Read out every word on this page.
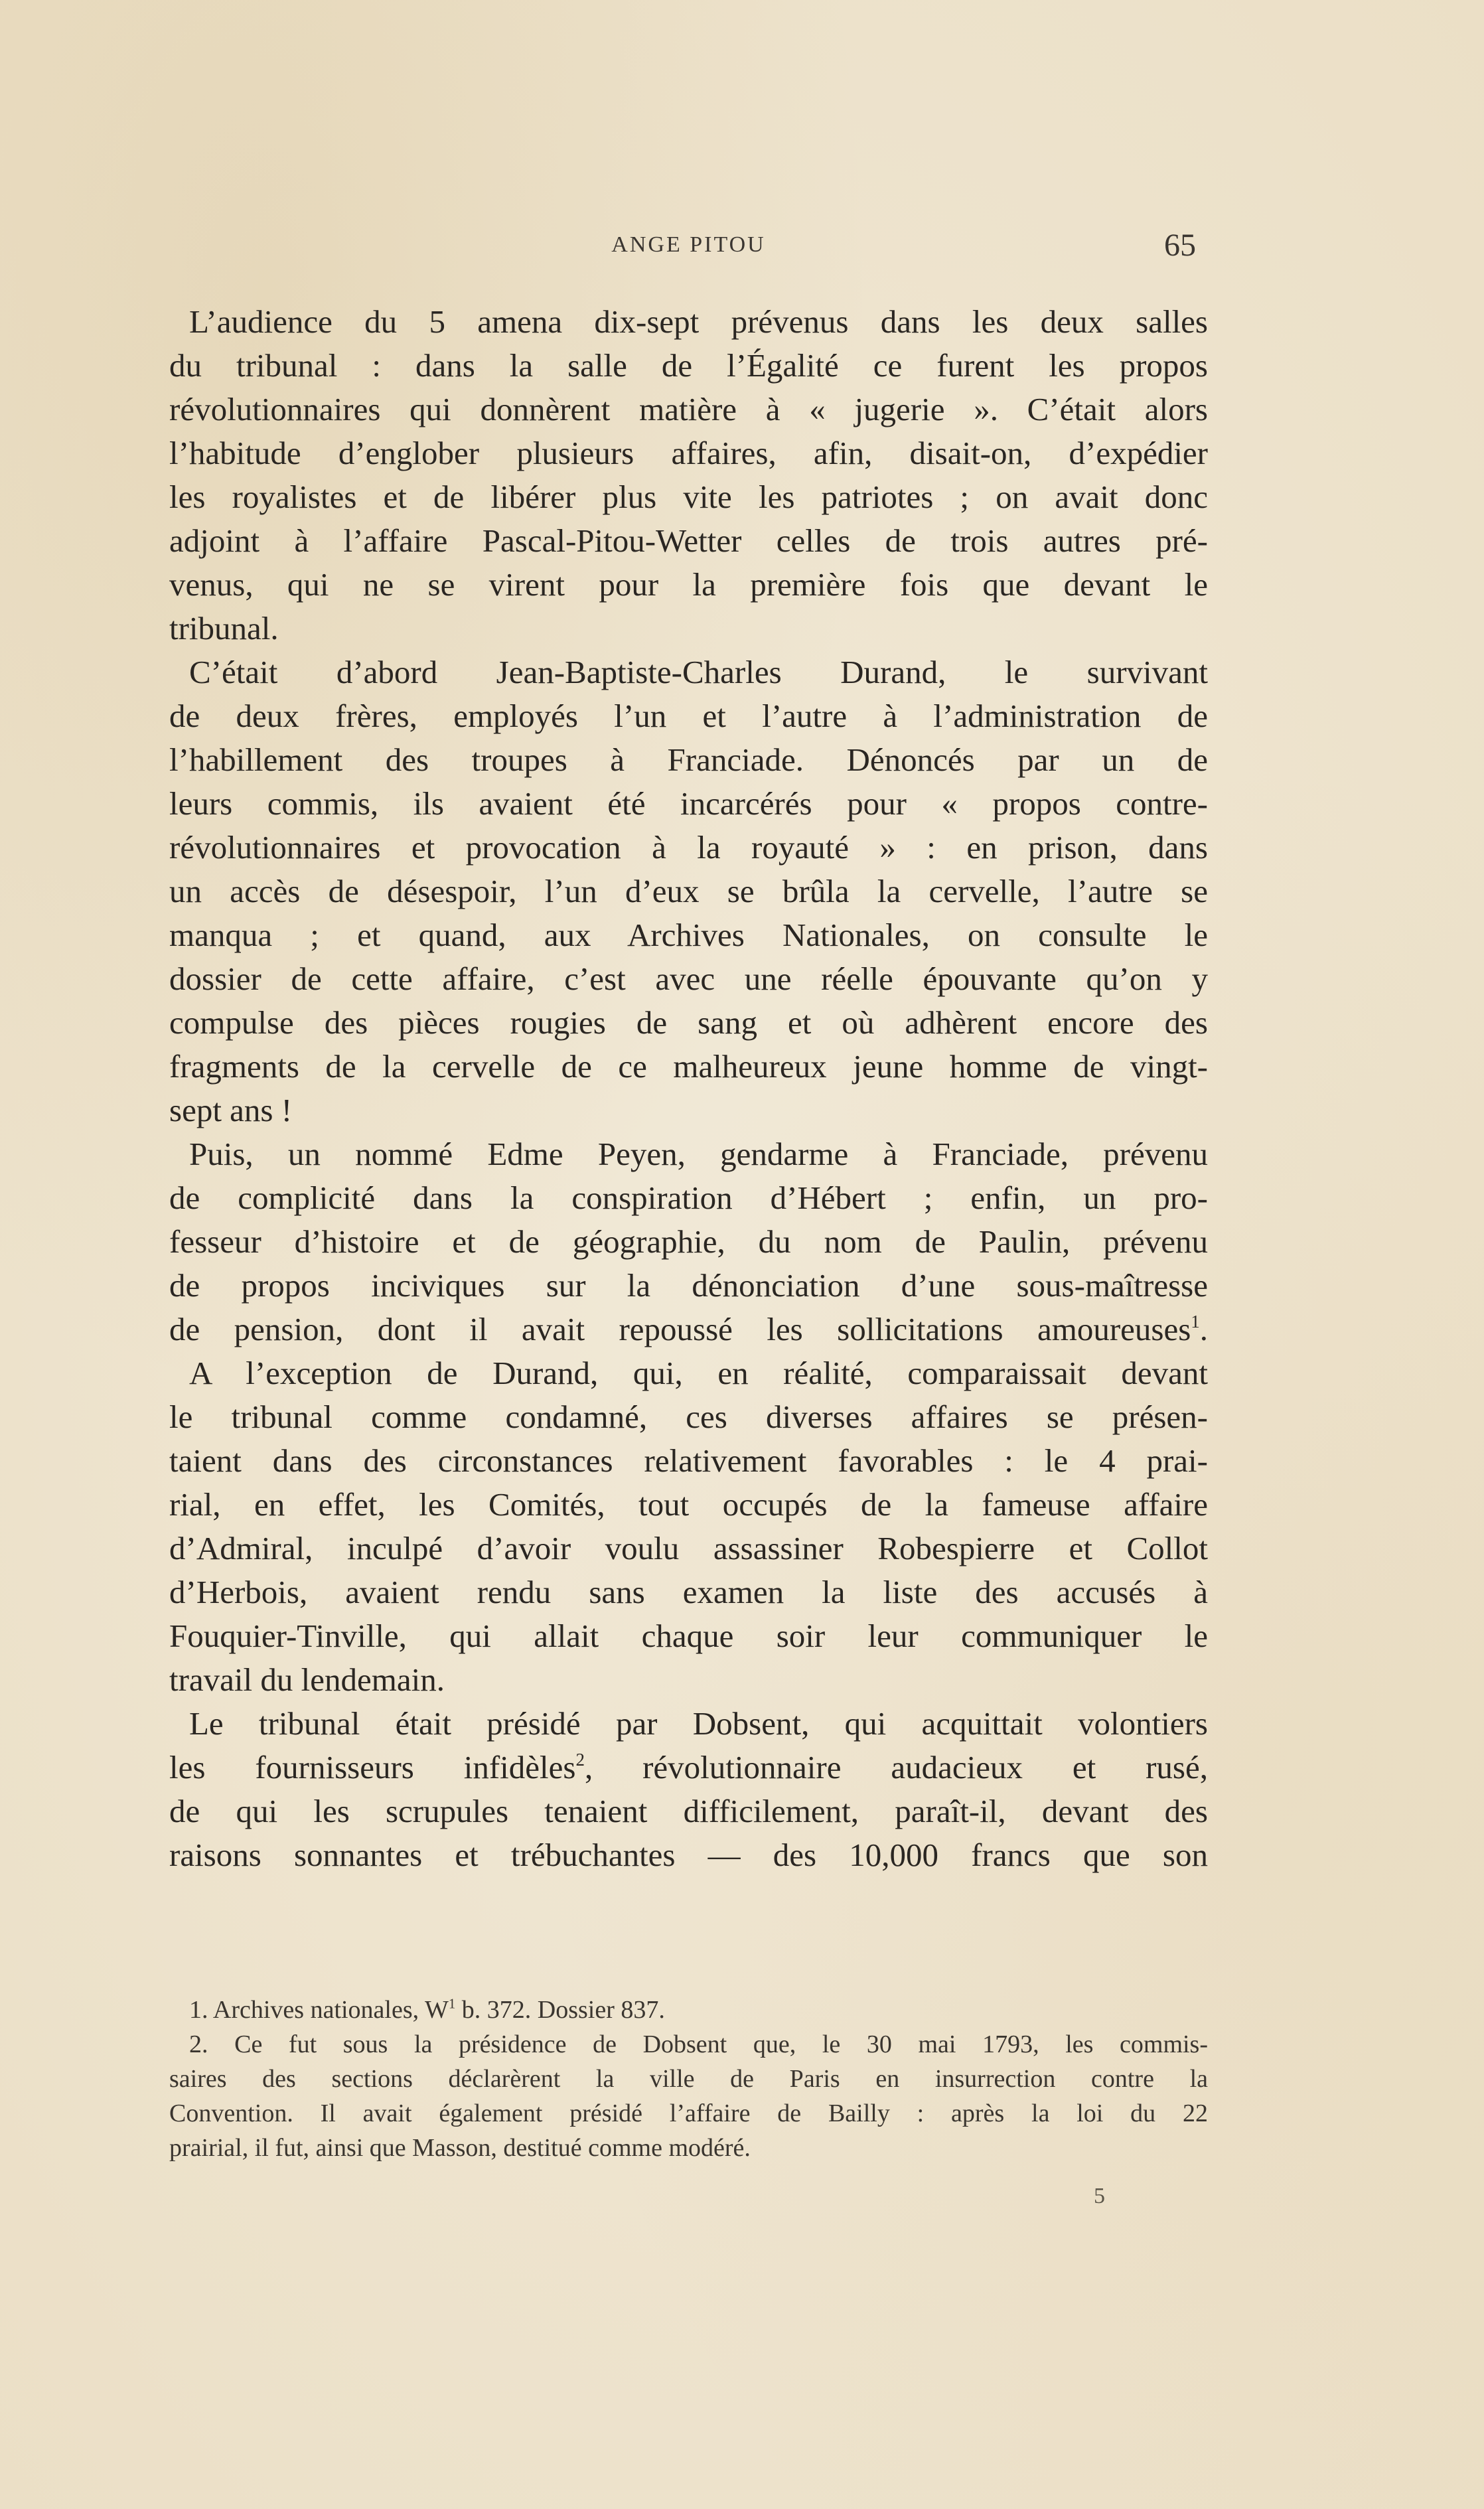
ANGE PITOU	65
L’audience du 5 amena dix-sept prévenus dans les deux salles
du tribunal : dans la salle de l’Égalité ce furent les propos
révolutionnaires qui donnèrent matière à « jugerie ». C’était alors
l’habitude d’englober plusieurs affaires, afin, disait-on, d’expédier
les royalistes et de libérer plus vite les patriotes ; on avait donc
adjoint à l’affaire Pascal-Pitou-Wetter celles de trois autres pré-
venus, qui ne se virent pour la première fois que devant le
tribunal.
C’était d’abord Jean-Baptiste-Charles Durand, le survivant
de deux frères, employés l’un et l’autre à l’administration de
l’habillement des troupes à Franciade. Dénoncés par un de
leurs commis, ils avaient été incarcérés pour « propos contre-
révolutionnaires et provocation à la royauté » : en prison, dans
un accès de désespoir, l’un d’eux se brûla la cervelle, l’autre se
manqua ; et quand, aux Archives Nationales, on consulte le
dossier de cette affaire, c’est avec une réelle épouvante qu’on y
compulse des pièces rougies de sang et où adhèrent encore des
fragments de la cervelle de ce malheureux jeune homme de vingt-
sept ans !
Puis, un nommé Edme Peyen, gendarme à Franciade, prévenu
de complicité dans la conspiration d’Hébert ; enfin, un pro-
fesseur d’histoire et de géographie, du nom de Paulin, prévenu
de propos inciviques sur la dénonciation d’une sous-maîtresse
de pension, dont il avait repoussé les sollicitations amoureuses$^1$.
A l’exception de Durand, qui, en réalité, comparaissait devant
le tribunal comme condamné, ces diverses affaires se présen-
taient dans des circonstances relativement favorables : le 4 prai-
rial, en effet, les Comités, tout occupés de la fameuse affaire
d’Admiral, inculpé d’avoir voulu assassiner Robespierre et Collot
d’Herbois, avaient rendu sans examen la liste des accusés à
Fouquier-Tinville, qui allait chaque soir leur communiquer le
travail du lendemain.
Le tribunal était présidé par Dobsent, qui acquittait volontiers
les fournisseurs infidèles$^2$, révolutionnaire audacieux et rusé,
de qui les scrupules tenaient difficilement, paraît-il, devant des
raisons sonnantes et trébuchantes — des 10,000 francs que son
1. Archives nationales, $W^1$ b. 372. Dossier 837.
2. Ce fut sous la présidence de Dobsent que, le 30 mai 1793, les commis-
saires des sections déclarèrent la ville de Paris en insurrection contre la
Convention. Il avait également présidé l’affaire de Bailly : après la loi du 22
prairial, il fut, ainsi que Masson, destitué comme modéré.
5
